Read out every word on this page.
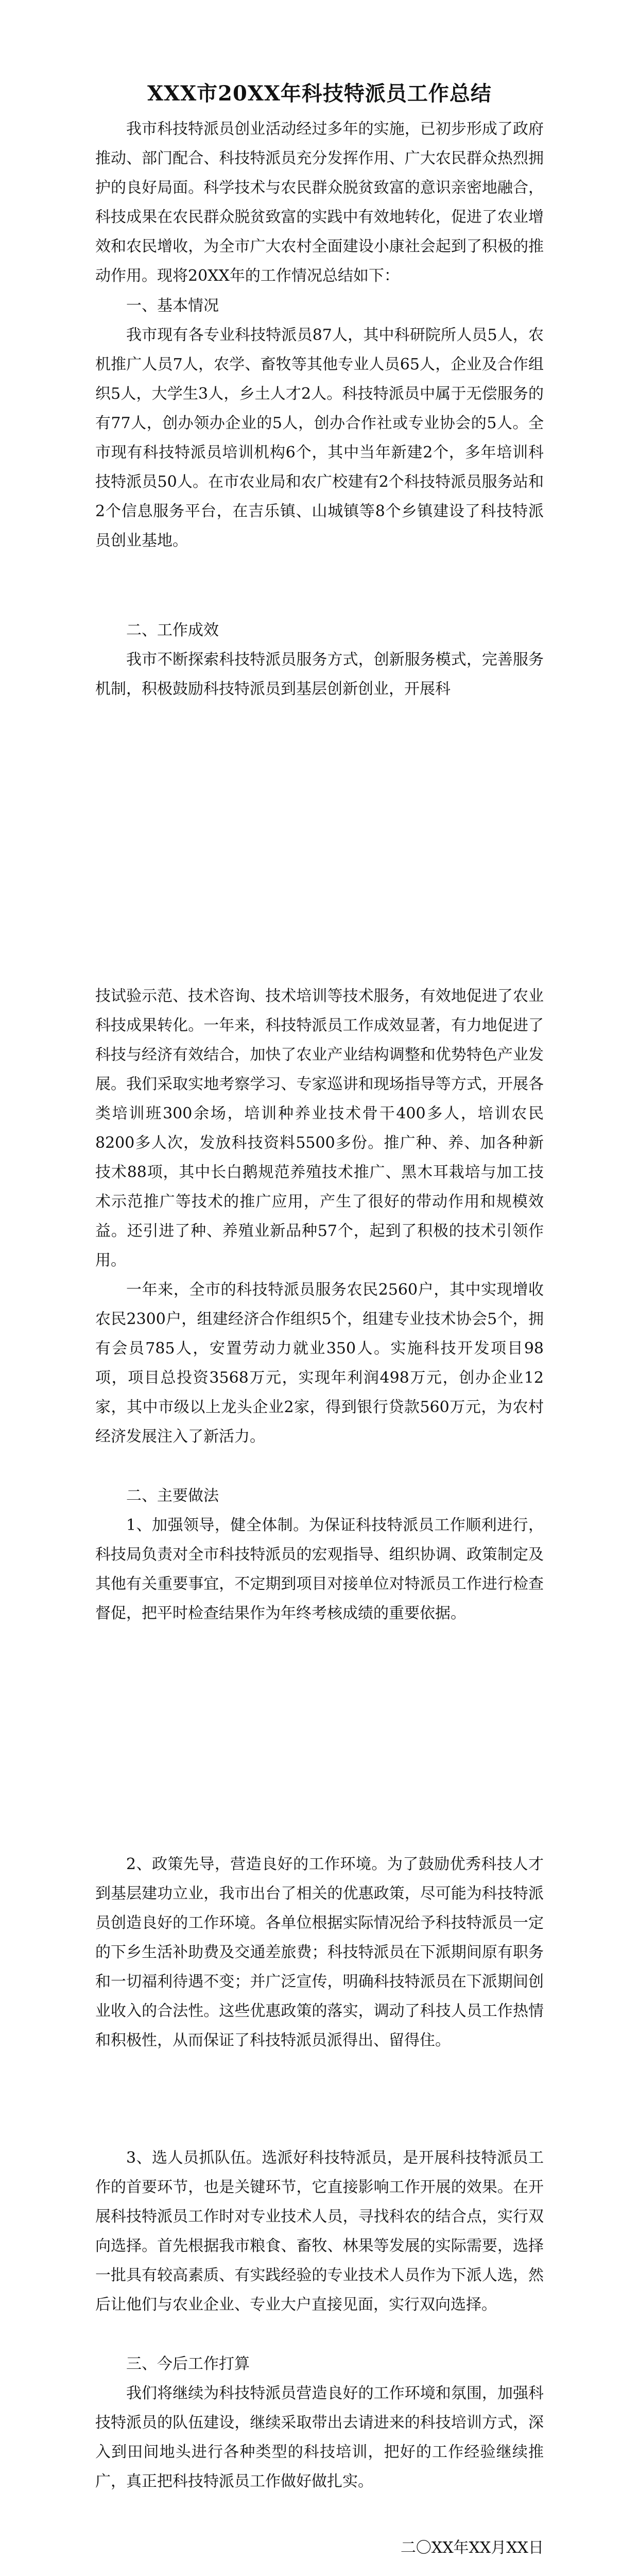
XXX市20XX年科技特派员工作总结

我市科技特派员创业活动经过多年的实施，已初步形成了政府推动、部门配合、科技特派员充分发挥作用、广大农民群众热烈拥护的良好局面。科学技术与农民群众脱贫致富的意识亲密地融合，科技成果在农民群众脱贫致富的实践中有效地转化，促进了农业增效和农民增收，为全市广大农村全面建设小康社会起到了积极的推动作用。现将20XX年的工作情况总结如下：

一、基本情况

我市现有各专业科技特派员87人，其中科研院所人员5人，农机推广人员7人，农学、畜牧等其他专业人员65人，企业及合作组织5人，大学生3人，乡土人才2人。科技特派员中属于无偿服务的有77人，创办领办企业的5人，创办合作社或专业协会的5人。全市现有科技特派员培训机构6个，其中当年新建2个，多年培训科技特派员50人。在市农业局和农广校建有2个科技特派员服务站和2个信息服务平台，在吉乐镇、山城镇等8个乡镇建设了科技特派员创业基地。

二、工作成效

我市不断探索科技特派员服务方式，创新服务模式，完善服务机制，积极鼓励科技特派员到基层创新创业，开展科

技试验示范、技术咨询、技术培训等技术服务，有效地促进了农业科技成果转化。一年来，科技特派员工作成效显著，有力地促进了科技与经济有效结合，加快了农业产业结构调整和优势特色产业发展。我们采取实地考察学习、专家巡讲和现场指导等方式，开展各类培训班300余场，培训种养业技术骨干400多人，培训农民8200多人次，发放科技资料5500多份。推广种、养、加各种新技术88项，其中长白鹅规范养殖技术推广、黑木耳栽培与加工技术示范推广等技术的推广应用，产生了很好的带动作用和规模效益。还引进了种、养殖业新品种57个，起到了积极的技术引领作用。

一年来，全市的科技特派员服务农民2560户，其中实现增收农民2300户，组建经济合作组织5个，组建专业技术协会5个，拥有会员785人，安置劳动力就业350人。实施科技开发项目98项，项目总投资3568万元，实现年利润498万元，创办企业12家，其中市级以上龙头企业2家，得到银行贷款560万元，为农村经济发展注入了新活力。

二、主要做法

1、加强领导，健全体制。为保证科技特派员工作顺利进行，科技局负责对全市科技特派员的宏观指导、组织协调、政策制定及其他有关重要事宜，不定期到项目对接单位对特派员工作进行检查督促，把平时检查结果作为年终考核成绩的重要依据。

2、政策先导，营造良好的工作环境。为了鼓励优秀科技人才到基层建功立业，我市出台了相关的优惠政策，尽可能为科技特派员创造良好的工作环境。各单位根据实际情况给予科技特派员一定的下乡生活补助费及交通差旅费；科技特派员在下派期间原有职务和一切福利待遇不变；并广泛宣传，明确科技特派员在下派期间创业收入的合法性。这些优惠政策的落实，调动了科技人员工作热情和积极性，从而保证了科技特派员派得出、留得住。

3、选人员抓队伍。选派好科技特派员，是开展科技特派员工作的首要环节，也是关键环节，它直接影响工作开展的效果。在开展科技特派员工作时对专业技术人员，寻找科农的结合点，实行双向选择。首先根据我市粮食、畜牧、林果等发展的实际需要，选择一批具有较高素质、有实践经验的专业技术人员作为下派人选，然后让他们与农业企业、专业大户直接见面，实行双向选择。

三、今后工作打算

我们将继续为科技特派员营造良好的工作环境和氛围，加强科技特派员的队伍建设，继续采取带出去请进来的科技培训方式，深入到田间地头进行各种类型的科技培训，把好的工作经验继续推广，真正把科技特派员工作做好做扎实。

二〇XX年XX月XX日
